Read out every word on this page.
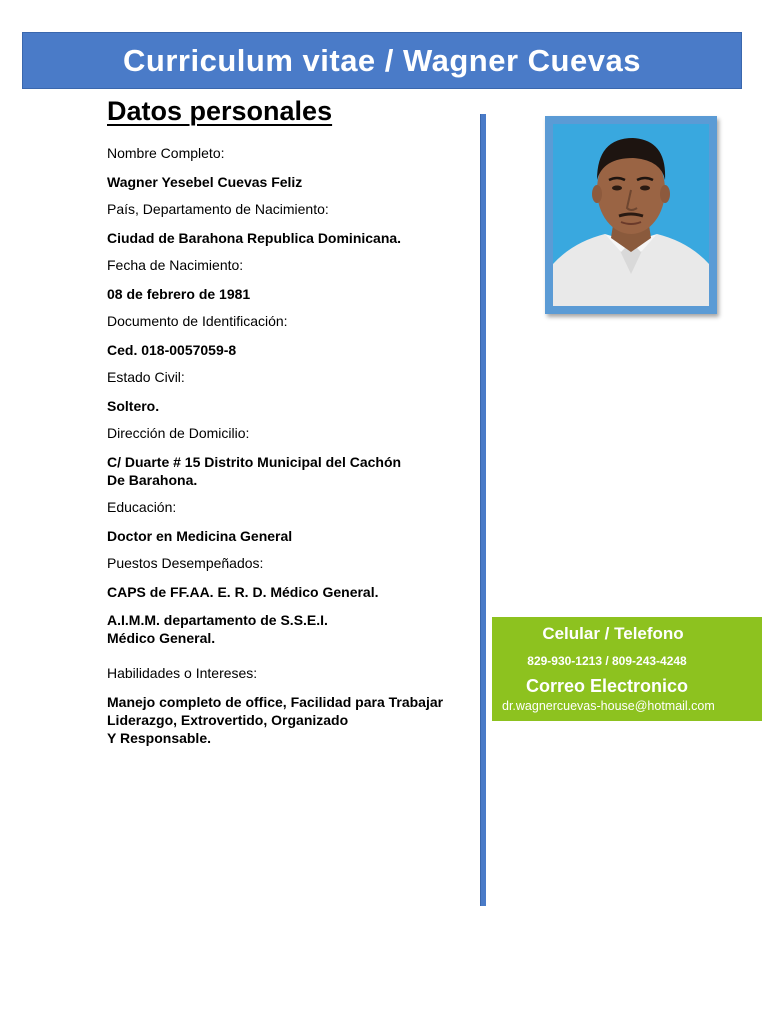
Curriculum vitae / Wagner Cuevas
Datos personales

Nombre Completo:

Wagner Yesebel Cuevas Feliz

País, Departamento de Nacimiento:

Ciudad de Barahona Republica Dominicana.

Fecha de Nacimiento:

08 de febrero de 1981

Documento de Identificación:

Ced. 018-0057059-8

Estado Civil:

Soltero.

Dirección de Domicilio:

C/ Duarte # 15 Distrito Municipal del Cachón

De Barahona.

Educación:

Doctor en Medicina General

Puestos Desempeñados:

CAPS de FF.AA. E. R. D. Médico General.

A.I.M.M. departamento de S.S.E.I.

Médico General.

Habilidades o Intereses:

Manejo completo de office, Facilidad para Trabajar

Liderazgo, Extrovertido, Organizado

Y Responsable.

Celular / Telefono
829-930-1213 / 809-243-4248
Correo Electronico
dr.wagnercuevas-house@hotmail.com
